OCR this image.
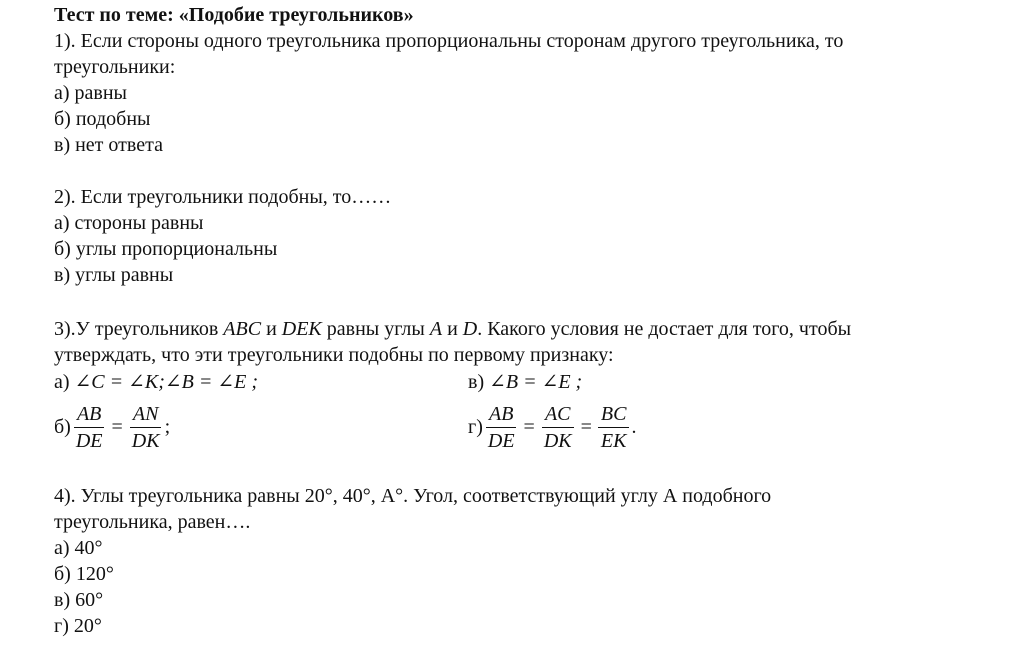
Тест по теме: «Подобие треугольников»
1). Если стороны одного треугольника пропорциональны сторонам другого треугольника, то
треугольники:
а) равны
б) подобны
в) нет ответа
2). Если треугольники подобны, то……
а) стороны равны
б) углы пропорциональны
в) углы равны
3).У треугольников ABC и DEK равны углы A и D. Какого условия не достает для того, чтобы
утверждать, что эти треугольники подобны по первому признаку:
а) ∠C = ∠K;∠B = ∠E ;	в) ∠B = ∠E ;
$б) \frac{AB}{DE} = \frac{AN}{DK}$ ;	$г) \frac{AB}{DE} = \frac{AC}{DK} = \frac{BC}{EK}$ .
4). Углы треугольника равны 20°, 40°, А°. Угол, соответствующий углу А подобного
треугольника, равен….
а) 40°
б) 120°
в) 60°
г) 20°
